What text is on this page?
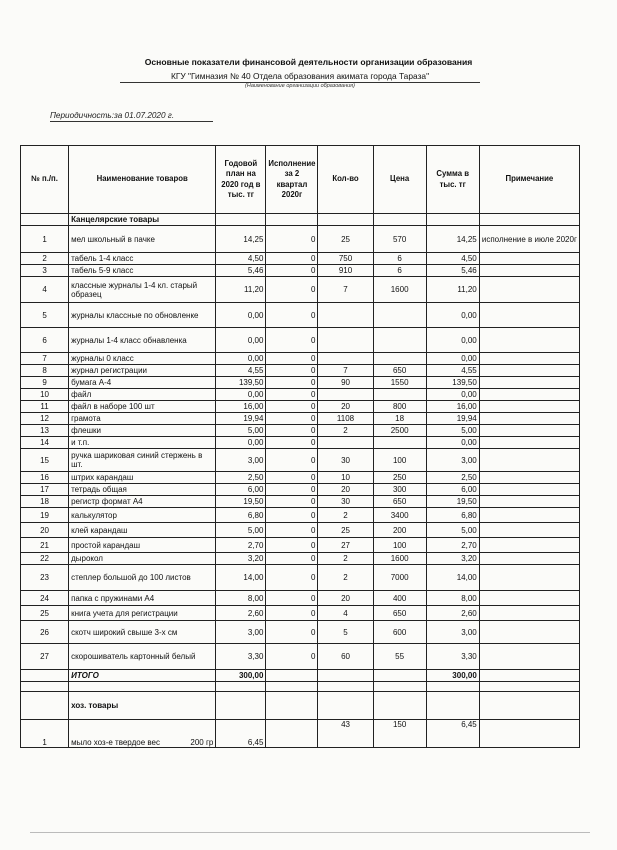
Основные показатели финансовой деятельности организации образования
КГУ "Гимназия № 40 Отдела образования акимата города Тараза"
(Наименование организации образования)
Периодичность:за 01.07.2020 г.
№ п./п.	Наименование товаров	Годовой план на 2020 год в тыс. тг	Исполнение за 2 квартал 2020г	Кол-во	Цена	Сумма в тыс. тг	Примечание
	Канцелярские товары						
1	мел школьный в пачке	14,25	0	25	570	14,25	исполнение в июле 2020г
2	табель 1-4 класс	4,50	0	750	6	4,50	
3	табель 5-9 класс	5,46	0	910	6	5,46	
4	классные журналы 1-4 кл. старый образец	11,20	0	7	1600	11,20	
5	журналы классные по обновленке	0,00	0			0,00	
6	журналы 1-4 класс обнавленка	0,00	0			0,00	
7	журналы 0 класс	0,00	0			0,00	
8	журнал регистрации	4,55	0	7	650	4,55	
9	бумага А-4	139,50	0	90	1550	139,50	
10	файл	0,00	0			0,00	
11	файл в наборе 100 шт	16,00	0	20	800	16,00	
12	грамота	19,94	0	1108	18	19,94	
13	флешки	5,00	0	2	2500	5,00	
14	и т.п.	0,00	0			0,00	
15	ручка шариковая синий стержень в шт.	3,00	0	30	100	3,00	
16	штрих карандаш	2,50	0	10	250	2,50	
17	тетрадь общая	6,00	0	20	300	6,00	
18	регистр формат А4	19,50	0	30	650	19,50	
19	калькулятор	6,80	0	2	3400	6,80	
20	клей карандаш	5,00	0	25	200	5,00	
21	простой карандаш	2,70	0	27	100	2,70	
22	дырокол	3,20	0	2	1600	3,20	
23	степлер большой до 100 листов	14,00	0	2	7000	14,00	
24	папка с пружинами А4	8,00	0	20	400	8,00	
25	книга учета для регистрации	2,60	0	4	650	2,60	
26	скотч широкий свыше 3-х см	3,00	0	5	600	3,00	
27	скорошиватель картонный белый	3,30	0	60	55	3,30	
	ИТОГО	300,00				300,00	

	хоз. товары						
1	мыло хоз-е твердое вес 200 гр	6,45		43	150	6,45	
